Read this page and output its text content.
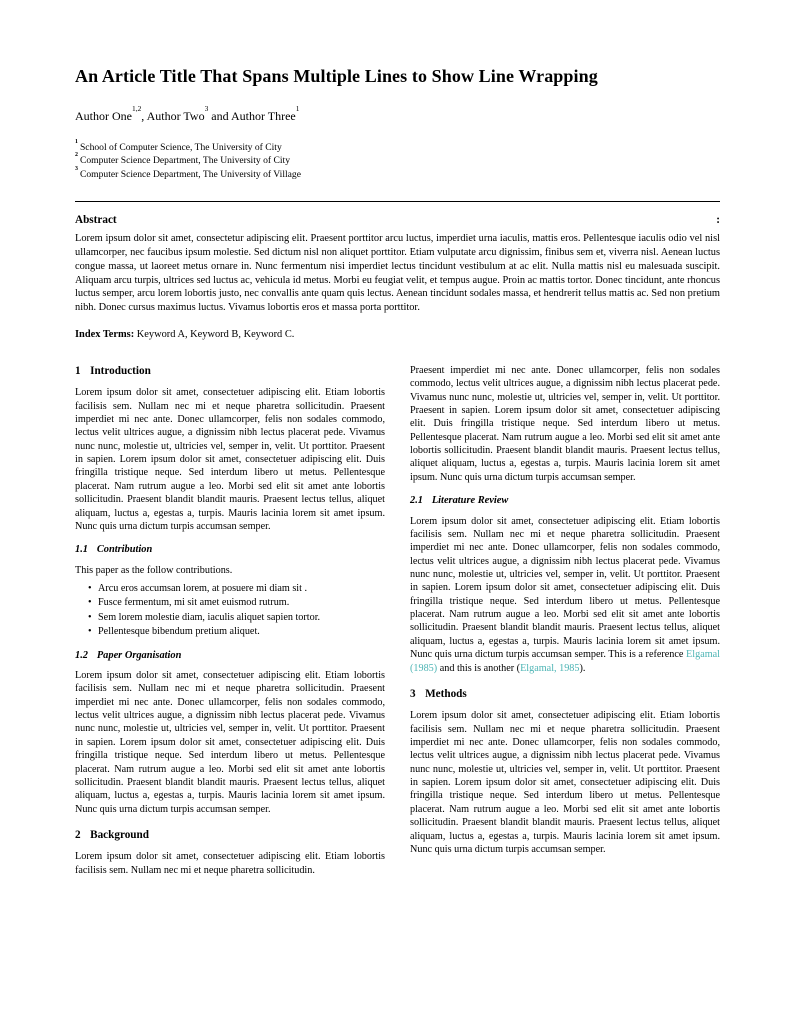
An Article Title That Spans Multiple Lines to Show Line Wrapping

Author One$^{1,2}$, Author Two$^3$ and Author Three$^1$

$^1$ School of Computer Science, The University of City
$^2$ Computer Science Department, The University of City
$^3$ Computer Science Department, The University of Village
Abstract	:

Lorem ipsum dolor sit amet, consectetur adipiscing elit. Praesent porttitor arcu luctus, imperdiet urna iaculis, mattis eros. Pellentesque iaculis odio vel nisl ullamcorper, nec faucibus ipsum molestie. Sed dictum nisl non aliquet porttitor. Etiam vulputate arcu dignissim, finibus sem et, viverra nisl. Aenean luctus congue massa, ut laoreet metus ornare in. Nunc fermentum nisi imperdiet lectus tincidunt vestibulum at ac elit. Nulla mattis nisl eu malesuada suscipit. Aliquam arcu turpis, ultrices sed luctus ac, vehicula id metus. Morbi eu feugiat velit, et tempus augue. Proin ac mattis tortor. Donec tincidunt, ante rhoncus luctus semper, arcu lorem lobortis justo, nec convallis ante quam quis lectus. Aenean tincidunt sodales massa, et hendrerit tellus mattis ac. Sed non pretium nibh. Donec cursus maximus luctus. Vivamus lobortis eros et massa porta porttitor.

Index Terms: Keyword A, Keyword B, Keyword C.

1 Introduction

Lorem ipsum dolor sit amet, consectetuer adipiscing elit. Etiam lobortis facilisis sem. Nullam nec mi et neque pharetra sollicitudin. Praesent imperdiet mi nec ante. Donec ullamcorper, felis non sodales commodo, lectus velit ultrices augue, a dignissim nibh lectus placerat pede. Vivamus nunc nunc, molestie ut, ultricies vel, semper in, velit. Ut porttitor. Praesent in sapien. Lorem ipsum dolor sit amet, consectetuer adipiscing elit. Duis fringilla tristique neque. Sed interdum libero ut metus. Pellentesque placerat. Nam rutrum augue a leo. Morbi sed elit sit amet ante lobortis sollicitudin. Praesent blandit blandit mauris. Praesent lectus tellus, aliquet aliquam, luctus a, egestas a, turpis. Mauris lacinia lorem sit amet ipsum. Nunc quis urna dictum turpis accumsan semper.

1.1 Contribution

This paper as the follow contributions.

• Arcu eros accumsan lorem, at posuere mi diam sit .
• Fusce fermentum, mi sit amet euismod rutrum.
• Sem lorem molestie diam, iaculis aliquet sapien tortor.
• Pellentesque bibendum pretium aliquet.
1.2 Paper Organisation

Lorem ipsum dolor sit amet, consectetuer adipiscing elit. Etiam lobortis facilisis sem. Nullam nec mi et neque pharetra sollicitudin. Praesent imperdiet mi nec ante. Donec ullamcorper, felis non sodales commodo, lectus velit ultrices augue, a dignissim nibh lectus placerat pede. Vivamus nunc nunc, molestie ut, ultricies vel, semper in, velit. Ut porttitor. Praesent in sapien. Lorem ipsum dolor sit amet, consectetuer adipiscing elit. Duis fringilla tristique neque. Sed interdum libero ut metus. Pellentesque placerat. Nam rutrum augue a leo. Morbi sed elit sit amet ante lobortis sollicitudin. Praesent blandit blandit mauris. Praesent lectus tellus, aliquet aliquam, luctus a, egestas a, turpis. Mauris lacinia lorem sit amet ipsum. Nunc quis urna dictum turpis accumsan semper.

2 Background

Lorem ipsum dolor sit amet, consectetuer adipiscing elit. Etiam lobortis facilisis sem. Nullam nec mi et neque pharetra sollicitudin.

Praesent imperdiet mi nec ante. Donec ullamcorper, felis non sodales commodo, lectus velit ultrices augue, a dignissim nibh lectus placerat pede. Vivamus nunc nunc, molestie ut, ultricies vel, semper in, velit. Ut porttitor. Praesent in sapien. Lorem ipsum dolor sit amet, consectetuer adipiscing elit. Duis fringilla tristique neque. Sed interdum libero ut metus. Pellentesque placerat. Nam rutrum augue a leo. Morbi sed elit sit amet ante lobortis sollicitudin. Praesent blandit blandit mauris. Praesent lectus tellus, aliquet aliquam, luctus a, egestas a, turpis. Mauris lacinia lorem sit amet ipsum. Nunc quis urna dictum turpis accumsan semper.

2.1 Literature Review

Lorem ipsum dolor sit amet, consectetuer adipiscing elit. Etiam lobortis facilisis sem. Nullam nec mi et neque pharetra sollicitudin. Praesent imperdiet mi nec ante. Donec ullamcorper, felis non sodales commodo, lectus velit ultrices augue, a dignissim nibh lectus placerat pede. Vivamus nunc nunc, molestie ut, ultricies vel, semper in, velit. Ut porttitor. Praesent in sapien. Lorem ipsum dolor sit amet, consectetuer adipiscing elit. Duis fringilla tristique neque. Sed interdum libero ut metus. Pellentesque placerat. Nam rutrum augue a leo. Morbi sed elit sit amet ante lobortis sollicitudin. Praesent blandit blandit mauris. Praesent lectus tellus, aliquet aliquam, luctus a, egestas a, turpis. Mauris lacinia lorem sit amet ipsum. Nunc quis urna dictum turpis accumsan semper. This is a reference Elgamal (1985) and this is another (Elgamal, 1985).

3 Methods

Lorem ipsum dolor sit amet, consectetuer adipiscing elit. Etiam lobortis facilisis sem. Nullam nec mi et neque pharetra sollicitudin. Praesent imperdiet mi nec ante. Donec ullamcorper, felis non sodales commodo, lectus velit ultrices augue, a dignissim nibh lectus placerat pede. Vivamus nunc nunc, molestie ut, ultricies vel, semper in, velit. Ut porttitor. Praesent in sapien. Lorem ipsum dolor sit amet, consectetuer adipiscing elit. Duis fringilla tristique neque. Sed interdum libero ut metus. Pellentesque placerat. Nam rutrum augue a leo. Morbi sed elit sit amet ante lobortis sollicitudin. Praesent blandit blandit mauris. Praesent lectus tellus, aliquet aliquam, luctus a, egestas a, turpis. Mauris lacinia lorem sit amet ipsum. Nunc quis urna dictum turpis accumsan semper.
